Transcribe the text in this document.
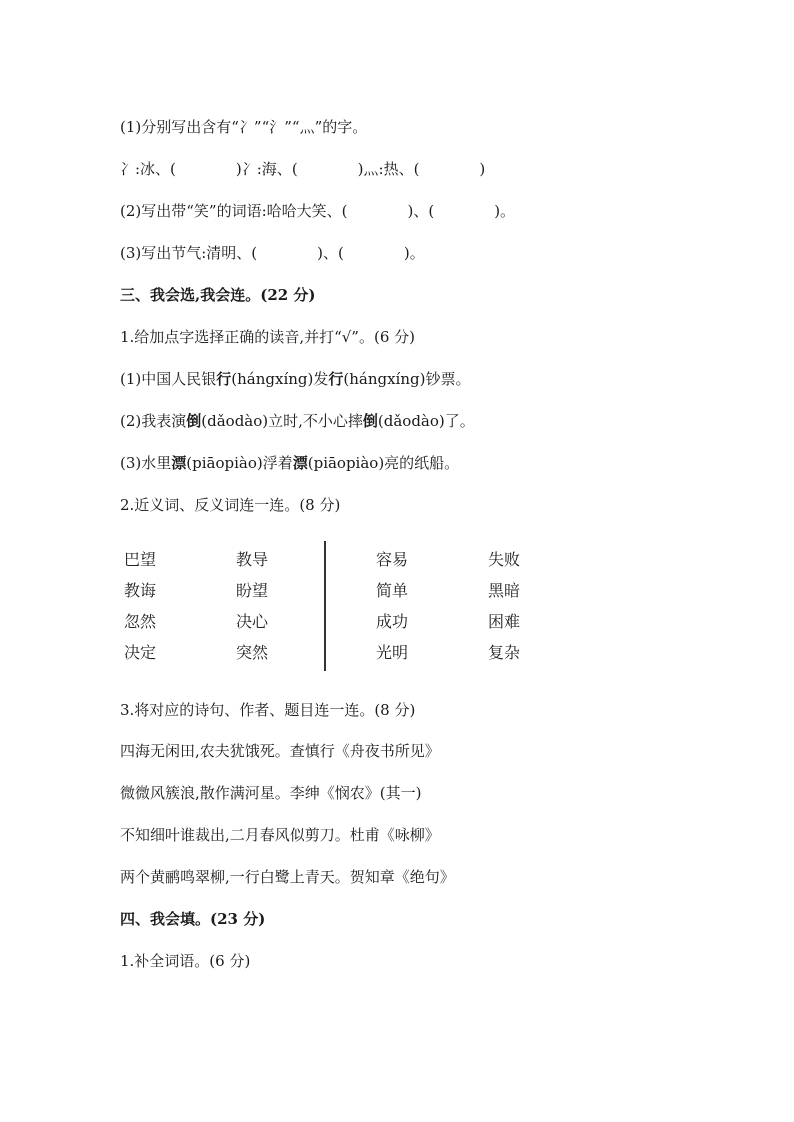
(1)分别写出含有“冫”“氵”“灬”的字。
冫:冰、(　　　　)冫:海、(　　　　)灬:热、(　　　　)
(2)写出带“笑”的词语:哈哈大笑、(　　　　)、(　　　　)。
(3)写出节气:清明、(　　　　)、(　　　　)。
三、我会选,我会连。(22 分)
1.给加点字选择正确的读音,并打“√”。(6 分)
(1)中国人民银行(hángxíng)发行(hángxíng)钞票。
(2)我表演倒(dǎodào)立时,不小心摔倒(dǎodào)了。
(3)水里漂(piāopiào)浮着漂(piāopiào)亮的纸船。
2.近义词、反义词连一连。(8 分)
巴望
教诲
忽然
决定
教导
盼望
决心
突然
容易
简单
成功
光明
失败
黑暗
困难
复杂
3.将对应的诗句、作者、题目连一连。(8 分)
四海无闲田,农夫犹饿死。查慎行《舟夜书所见》
微微风簇浪,散作满河星。李绅《悯农》(其一)
不知细叶谁裁出,二月春风似剪刀。杜甫《咏柳》
两个黄鹂鸣翠柳,一行白鹭上青天。贺知章《绝句》
四、我会填。(23 分)
1.补全词语。(6 分)
